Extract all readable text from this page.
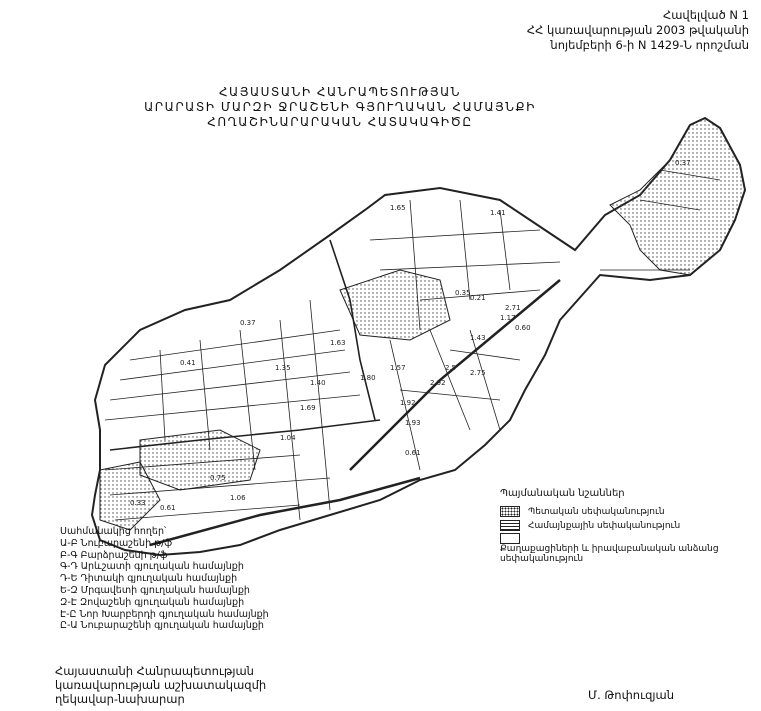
Հավելված N 1
ՀՀ կառավարության 2003 թվականի
նոյեմբերի 6-ի N 1429-Ն որոշման
ՀԱՅԱՍՏԱՆԻ ՀԱՆՐԱՊԵՏՈՒԹՅԱՆ
ԱՐԱՐԱՏԻ ՄԱՐԶԻ ՋՐԱՇԵՆԻ ԳՅՈՒՂԱԿԱՆ ՀԱՄԱՅՆՔԻ
ՀՈՂԱՇԻՆԱՐԱՐԱԿԱՆ ՀԱՏԱԿԱԳԻԾԸ
1.65
1.41
0.41
1.63
1.40
1.69
2.75
2.92
1.92
1.93
0.61
0.75
1.06
0.61
2.5
1.04
0.37
1.17
1.43
1.57
1.80
2.71
0.60
0.33
0.37
0.35
0.21
1.35
Պայմանական նշաններ
Պետական սեփականություն
Համայնքային սեփականություն
Քաղաքացիների և իրավաբանական անձանց սեփականություն
Սահմանակից հողեր՝
Ա-Բ Նուբարաշենի թ/ֆ
Բ-Գ Բարձրաշենի թ/ֆ
Գ-Դ Արևշատի գյուղական համայնքի
Դ-Ե Դիտակի գյուղական համայնքի
Ե-Զ Մրգավետի գյուղական համայնքի
Զ-Է Զովաշենի գյուղական համայնքի
Է-Ը Նոր Խարբերդի գյուղական համայնքի
Ը-Ա Նուբարաշենի գյուղական համայնքի
Հայաստանի Հանրապետության
կառավարության աշխատակազմի
ղեկավար-նախարար	Մ. Թոփուզյան
